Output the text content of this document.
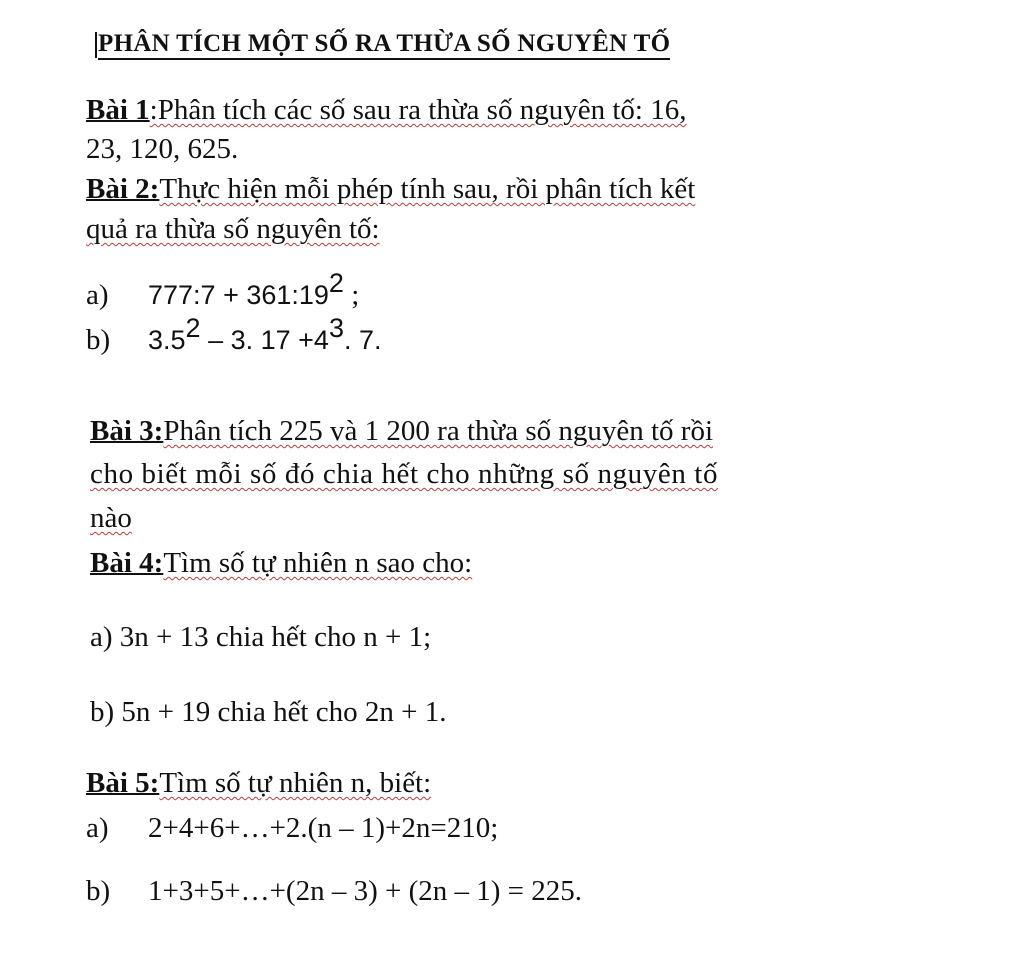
PHÂN TÍCH MỘT SỐ RA THỪA SỐ NGUYÊN TỐ
Bài 1:Phân tích các số sau ra thừa số nguyên tố: 16,
23, 120, 625.
Bài 2:Thực hiện mỗi phép tính sau, rồi phân tích kết
quả ra thừa số nguyên tố:
a) 777:7 + $361:19^2$ ;
b) $3.5^2 - 3$. $17 +4^3$. 7.
Bài 3:Phân tích 225 và 1 200 ra thừa số nguyên tố rồi
cho biết mỗi số đó chia hết cho những số nguyên tố
nào
Bài 4:Tìm số tự nhiên n sao cho:
a) 3n + 13 chia hết cho n + 1;
b) 5n + 19 chia hết cho 2n + 1.
Bài 5:Tìm số tự nhiên n, biết:
a) 2+4+6+…+2.(n – 1)+2n=210;
b) 1+3+5+…+(2n – 3) + (2n – 1) = 225.
